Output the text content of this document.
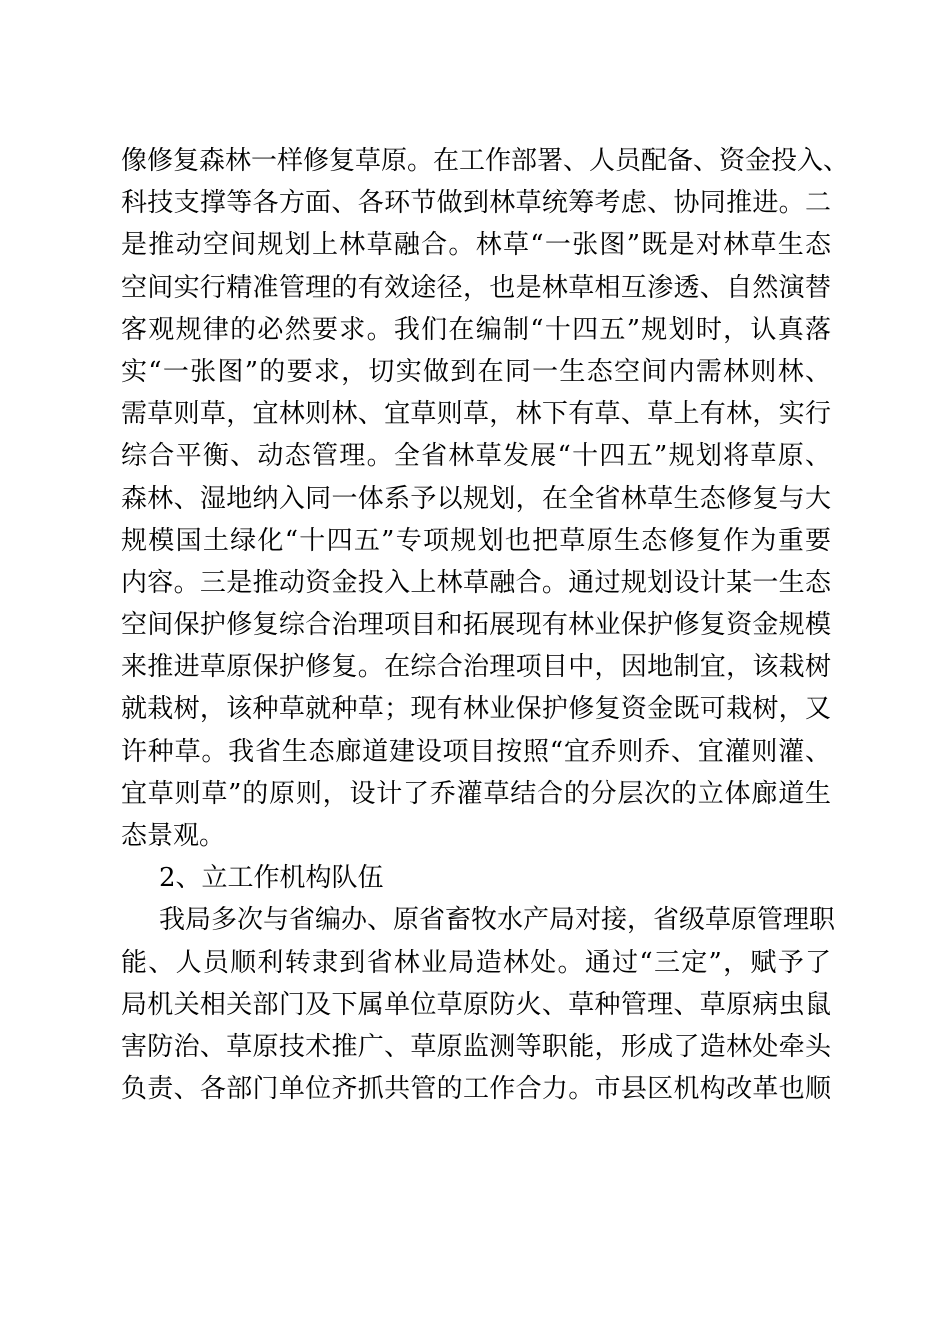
像修复森林一样修复草原。在工作部署、人员配备、资金投入、
科技支撑等各方面、各环节做到林草统筹考虑、协同推进。二
是推动空间规划上林草融合。林草“一张图”既是对林草生态
空间实行精准管理的有效途径，也是林草相互渗透、自然演替
客观规律的必然要求。我们在编制“十四五”规划时，认真落
实“一张图”的要求，切实做到在同一生态空间内需林则林、
需草则草，宜林则林、宜草则草，林下有草、草上有林，实行
综合平衡、动态管理。全省林草发展“十四五”规划将草原、
森林、湿地纳入同一体系予以规划，在全省林草生态修复与大
规模国土绿化“十四五”专项规划也把草原生态修复作为重要
内容。三是推动资金投入上林草融合。通过规划设计某一生态
空间保护修复综合治理项目和拓展现有林业保护修复资金规模
来推进草原保护修复。在综合治理项目中，因地制宜，该栽树
就栽树，该种草就种草；现有林业保护修复资金既可栽树，又
许种草。我省生态廊道建设项目按照“宜乔则乔、宜灌则灌、
宜草则草”的原则，设计了乔灌草结合的分层次的立体廊道生
态景观。
2、立工作机构队伍
我局多次与省编办、原省畜牧水产局对接，省级草原管理职
能、人员顺利转隶到省林业局造林处。通过“三定”，赋予了
局机关相关部门及下属单位草原防火、草种管理、草原病虫鼠
害防治、草原技术推广、草原监测等职能，形成了造林处牵头
负责、各部门单位齐抓共管的工作合力。市县区机构改革也顺
